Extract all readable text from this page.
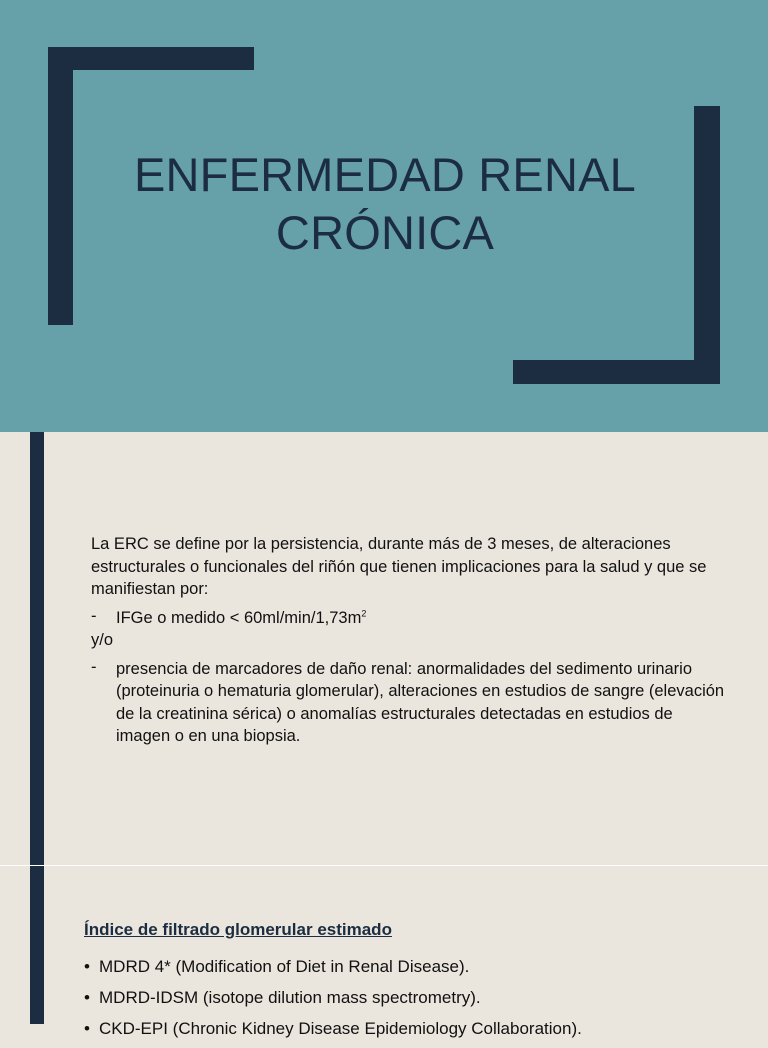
ENFERMEDAD RENAL CRÓNICA

La ERC se define por la persistencia, durante más de 3 meses, de alteraciones estructurales o funcionales del riñón que tienen implicaciones para la salud y que se manifiestan por:

- IFGe o medido < $60ml/\min/1,73m^2$

y/o

- presencia de marcadores de daño renal: anormalidades del sedimento urinario (proteinuria o hematuria glomerular), alteraciones en estudios de sangre (elevación de la creatinina sérica) o anomalías estructurales detectadas en estudios de imagen o en una biopsia.
Índice de filtrado glomerular estimado
• MDRD 4* (Modification of Diet in Renal Disease).
• MDRD-IDSM (isotope dilution mass spectrometry).
• CKD-EPI (Chronic Kidney Disease Epidemiology Collaboration).
